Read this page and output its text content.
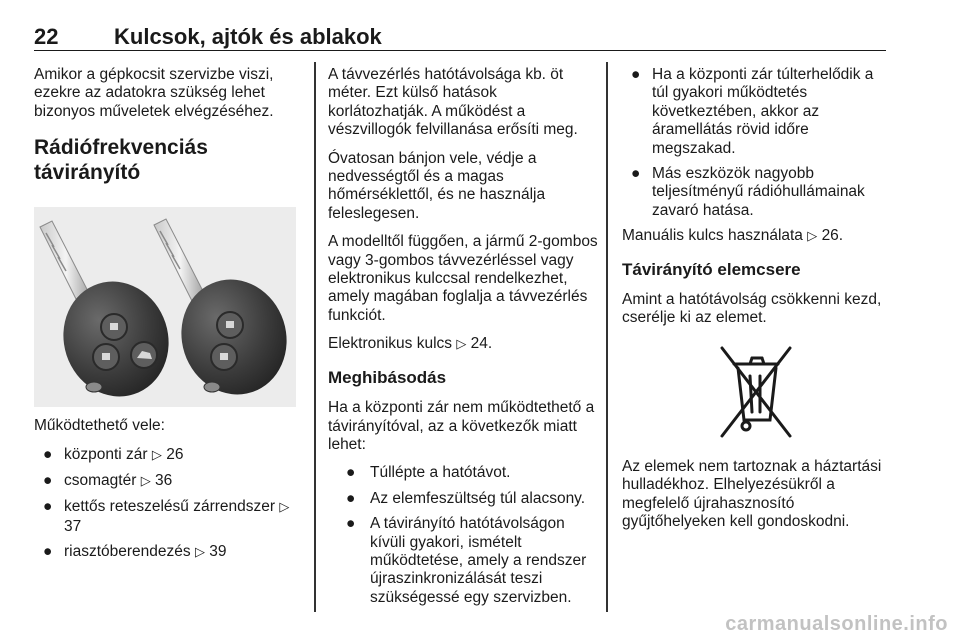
22	Kulcsok, ajtók és ablakok

Amikor a gépkocsit szervizbe viszi, ezekre az adatokra szükség lehet bizonyos műveletek elvégzéséhez.

Rádiófrekvenciás távirányító

Működtethető vele:

● központi zár ▷ 26
● csomagtér ▷ 36
● kettős reteszelésű zárrendszer ▷ 37
● riasztóberendezés ▷ 39

A távvezérlés hatótávolsága kb. öt méter. Ezt külső hatások korlátozhatják. A működést a vészvillogók felvillanása erősíti meg.

Óvatosan bánjon vele, védje a nedvességtől és a magas hőmérséklettől, és ne használja feleslegesen.

A modelltől függően, a jármű 2-gombos vagy 3-gombos távvezérléssel vagy elektronikus kulccsal rendelkezhet, amely magában foglalja a távvezérlés funkciót.

Elektronikus kulcs ▷ 24.

Meghibásodás

Ha a központi zár nem működtethető a távirányítóval, az a következők miatt lehet:

● Túllépte a hatótávot.
● Az elemfeszültség túl alacsony.
● A távirányító hatótávolságon kívüli gyakori, ismételt működtetése, amely a rendszer újraszinkronizálását teszi szükségessé egy szervizben.
● Ha a központi zár túlterhelődik a túl gyakori működtetés következtében, akkor az áramellátás rövid időre megszakad.
● Más eszközök nagyobb teljesítményű rádióhullámainak zavaró hatása.

Manuális kulcs használata ▷ 26.

Távirányító elemcsere

Amint a hatótávolság csökkenni kezd, cserélje ki az elemet.

Az elemek nem tartoznak a háztartási hulladékhoz. Elhelyezésükről a megfelelő újrahasznosító gyűjtőhelyeken kell gondoskodni.

carmanualsonline.info
